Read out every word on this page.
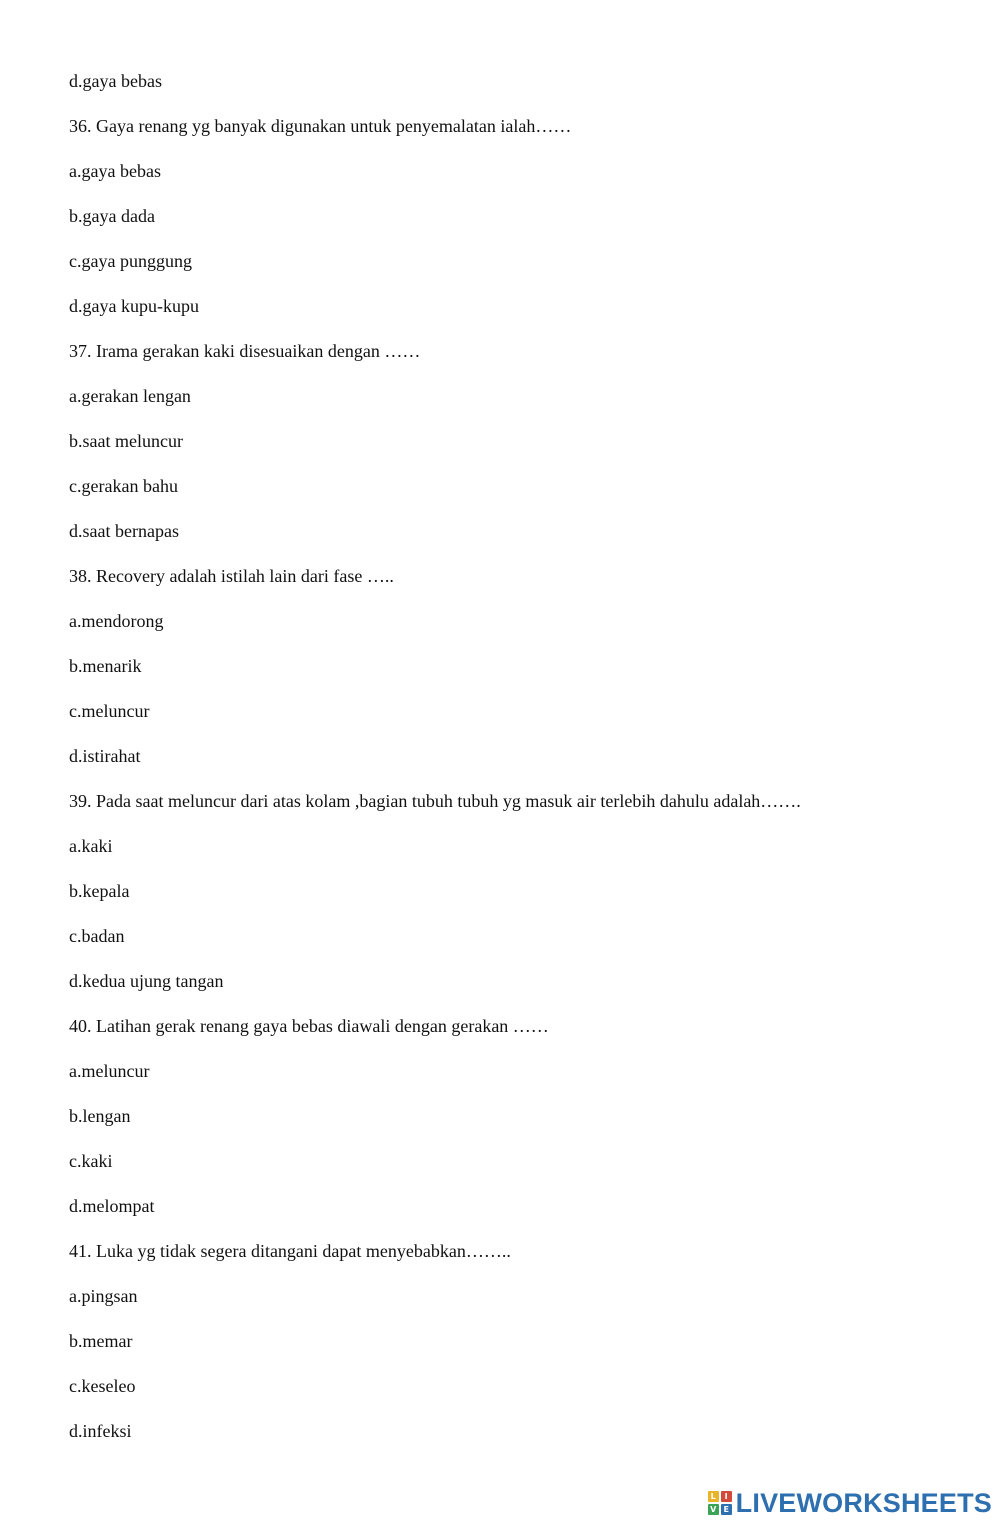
d.gaya bebas
36. Gaya renang yg banyak digunakan untuk penyemalatan ialah……
a.gaya bebas
b.gaya dada
c.gaya punggung
d.gaya kupu-kupu
37. Irama gerakan kaki disesuaikan dengan ……
a.gerakan lengan
b.saat meluncur
c.gerakan bahu
d.saat bernapas
38. Recovery adalah istilah lain dari fase …..
a.mendorong
b.menarik
c.meluncur
d.istirahat
39. Pada saat meluncur dari atas kolam ,bagian tubuh tubuh yg masuk air terlebih dahulu adalah…….
a.kaki
b.kepala
c.badan
d.kedua ujung tangan
40. Latihan gerak renang gaya bebas diawali dengan gerakan ……
a.meluncur
b.lengan
c.kaki
d.melompat
41. Luka yg tidak segera ditangani dapat menyebabkan……..
a.pingsan
b.memar
c.keseleo
d.infeksi
L	I
V E LIVEWORKSHEETS
